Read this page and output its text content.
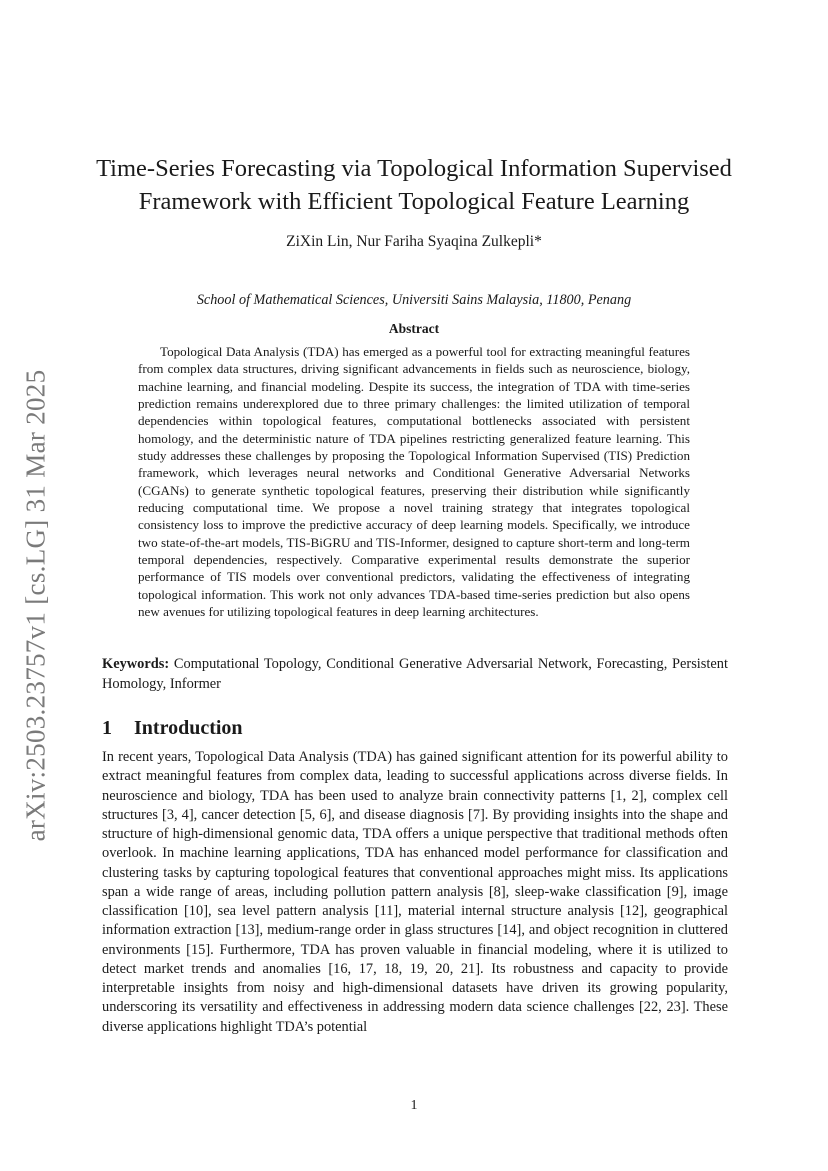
arXiv:2503.23757v1 [cs.LG] 31 Mar 2025
Time-Series Forecasting via Topological Information Supervised
Framework with Efficient Topological Feature Learning
ZiXin Lin, Nur Fariha Syaqina Zulkepli*
School of Mathematical Sciences, Universiti Sains Malaysia, 11800, Penang
Abstract

Topological Data Analysis (TDA) has emerged as a powerful tool for extracting meaningful features from complex data structures, driving significant advancements in fields such as neuroscience, biology, machine learning, and financial modeling. Despite its success, the integration of TDA with time-series prediction remains underexplored due to three primary challenges: the limited utilization of temporal dependencies within topological features, computational bottlenecks associated with persistent homology, and the deterministic nature of TDA pipelines restricting generalized feature learning. This study addresses these challenges by proposing the Topological Information Supervised (TIS) Prediction framework, which leverages neural networks and Conditional Generative Adversarial Networks (CGANs) to generate synthetic topological features, preserving their distribution while significantly reducing computational time. We propose a novel training strategy that integrates topological consistency loss to improve the predictive accuracy of deep learning models. Specifically, we introduce two state-of-the-art models, TIS-BiGRU and TIS-Informer, designed to capture short-term and long-term temporal dependencies, respectively. Comparative experimental results demonstrate the superior performance of TIS models over conventional predictors, validating the effectiveness of integrating topological information. This work not only advances TDA-based time-series prediction but also opens new avenues for utilizing topological features in deep learning architectures.

Keywords: Computational Topology, Conditional Generative Adversarial Network, Forecasting, Persistent Homology, Informer

1 Introduction

In recent years, Topological Data Analysis (TDA) has gained significant attention for its powerful ability to extract meaningful features from complex data, leading to successful applications across diverse fields. In neuroscience and biology, TDA has been used to analyze brain connectivity patterns [1, 2], complex cell structures [3, 4], cancer detection [5, 6], and disease diagnosis [7]. By providing insights into the shape and structure of high-dimensional genomic data, TDA offers a unique perspective that traditional methods often overlook. In machine learning applications, TDA has enhanced model performance for classification and clustering tasks by capturing topological features that conventional approaches might miss. Its applications span a wide range of areas, including pollution pattern analysis [8], sleep-wake classification [9], image classification [10], sea level pattern analysis [11], material internal structure analysis [12], geographical information extraction [13], medium-range order in glass structures [14], and object recognition in cluttered environments [15]. Furthermore, TDA has proven valuable in financial modeling, where it is utilized to detect market trends and anomalies [16, 17, 18, 19, 20, 21]. Its robustness and capacity to provide interpretable insights from noisy and high-dimensional datasets have driven its growing popularity, underscoring its versatility and effectiveness in addressing modern data science challenges [22, 23]. These diverse applications highlight TDA’s potential

1
